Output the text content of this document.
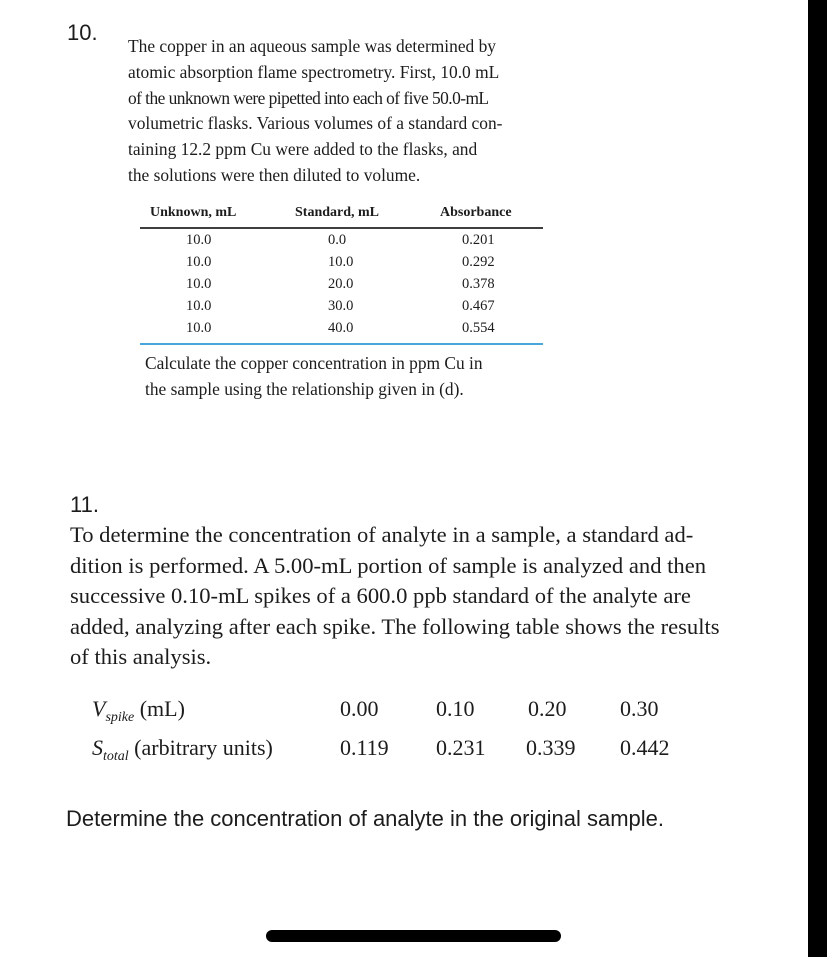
10.
The copper in an aqueous sample was determined by
atomic absorption flame spectrometry. First, 10.0 mL
of the unknown were pipetted into each of five 50.0-mL
volumetric flasks. Various volumes of a standard con-
taining 12.2 ppm Cu were added to the flasks, and
the solutions were then diluted to volume.
Unknown, mL	Standard, mL	Absorbance
10.0	0.0	0.201
10.0	10.0	0.292
10.0	20.0	0.378
10.0	30.0	0.467
10.0	40.0	0.554
Calculate the copper concentration in ppm Cu in
the sample using the relationship given in (d).
11.
To determine the concentration of analyte in a sample, a standard ad-
dition is performed. A 5.00-mL portion of sample is analyzed and then
successive 0.10-mL spikes of a 600.0 ppb standard of the analyte are
added, analyzing after each spike. The following table shows the results
of this analysis.
$V_{spike}$ (mL)	0.00	0.10 0.20 0.30
$S_{total}$ (arbitrary units)	0.119 0.231 0.339 0.442
Determine the concentration of analyte in the original sample.
